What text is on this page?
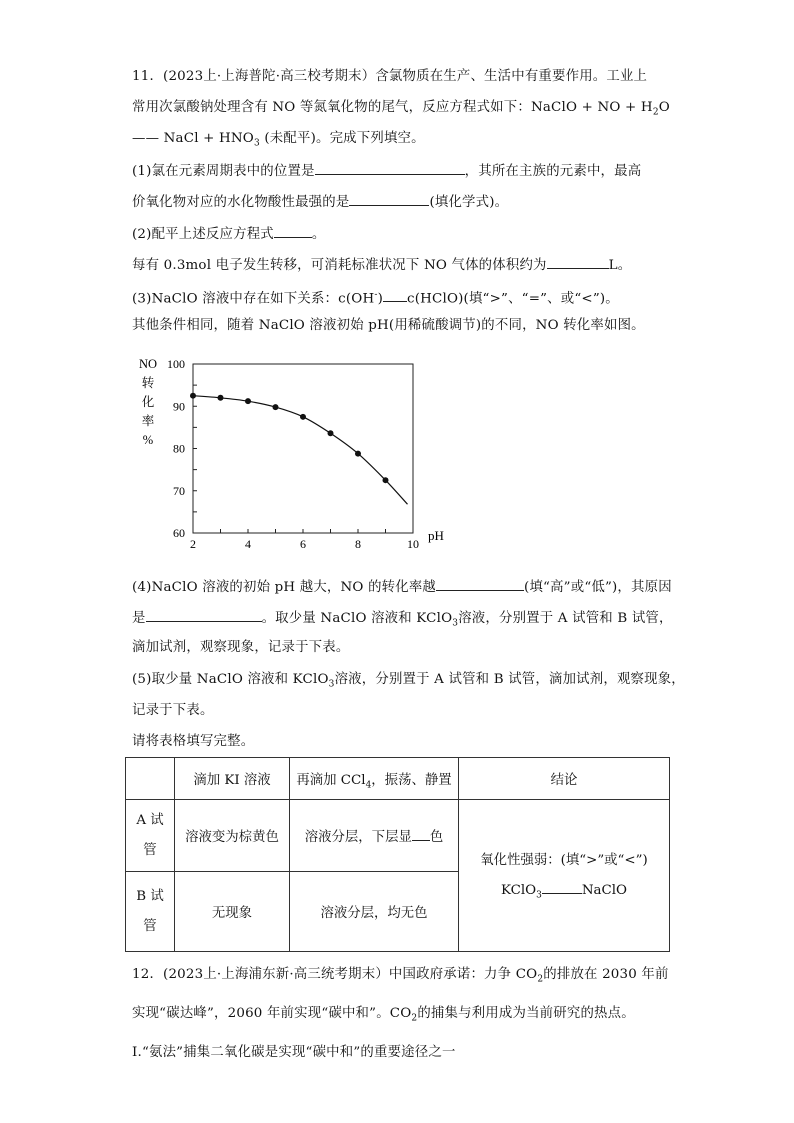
11．(2023上·上海普陀·高三校考期末）含氯物质在生产、生活中有重要作用。工业上
常用次氯酸钠处理含有 NO 等氮氧化物的尾气，反应方程式如下：NaClO + NO + $H_2O$
—— NaCl + $HNO_3$ (未配平)。完成下列填空。
(1)氯在元素周期表中的位置是	，其所在主族的元素中，最高
价氧化物对应的水化物酸性最强的是	(填化学式)。
(2)配平上述反应方程式	。
每有 0.3mol 电子发生转移，可消耗标准状况下 NO 气体的体积约为	L。
(3)NaClO 溶液中存在如下关系：c(OH-) c(HClO)(填“>”、“=”、或“<”)。
其他条件相同，随着 NaClO 溶液初始 pH(用稀硫酸调节)的不同，NO 转化率如图。
NO
转
化
率
%
2	4	6	8	10
60
70
80
90
100
pH
(4)NaClO 溶液的初始 pH 越大，NO 的转化率越	(填“高”或“低”)，其原因
是	。取少量 NaClO 溶液和 KClO$_3$溶液，分别置于 A 试管和 B 试管，
滴加试剂，观察现象，记录于下表。
(5)取少量 NaClO 溶液和 KClO$_3$溶液，分别置于 A 试管和 B 试管，滴加试剂，观察现象，
记录于下表。
请将表格填写完整。
	滴加 KI 溶液	再滴加 CCl$_4$，振荡、静置	结论
A 试
管	溶液变为棕黄色	溶液分层，下层显 色	氧化性强弱：(填“>”或“<”)
KClO$_3$ NaClO
B 试
管	无现象	溶液分层，均无色	
12．(2023上·上海浦东新·高三统考期末）中国政府承诺：力争 $CO_2$的排放在 2030 年前
实现“碳达峰”，2060 年前实现“碳中和”。$CO_2$的捕集与利用成为当前研究的热点。
Ⅰ.“氨法”捕集二氧化碳是实现“碳中和”的重要途径之一
